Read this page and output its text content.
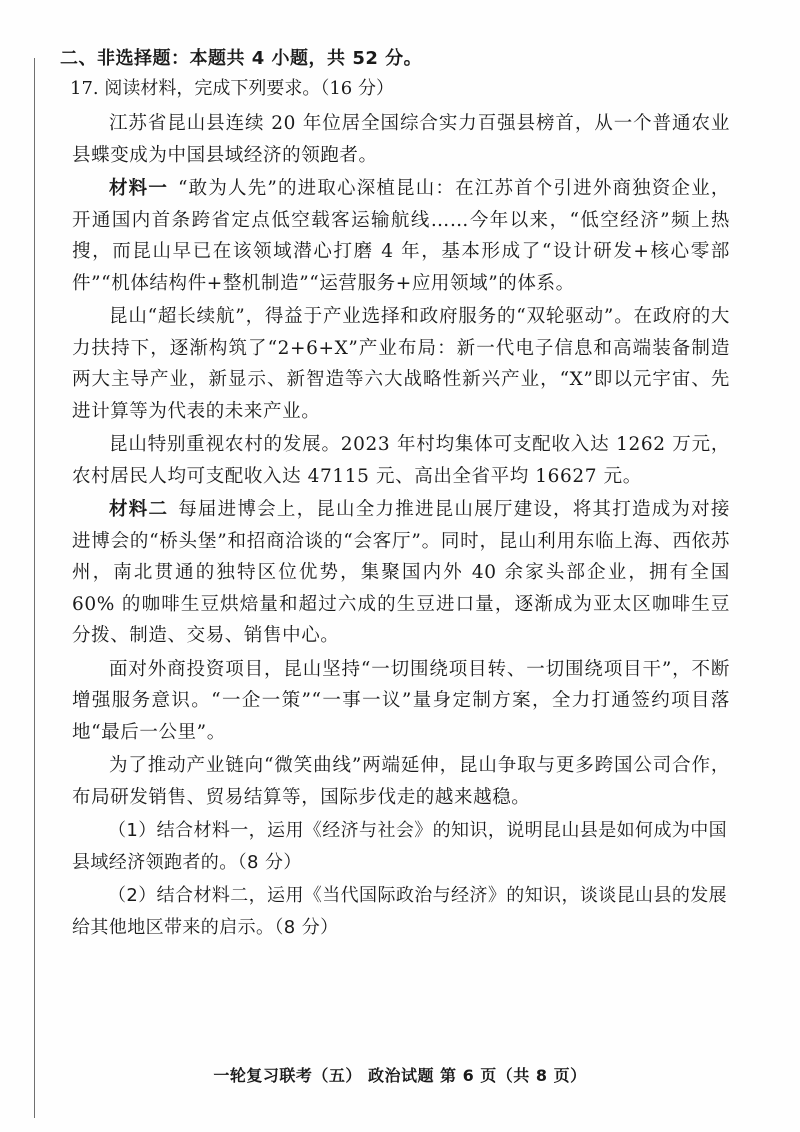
二、非选择题：本题共 4 小题，共 52 分。

17. 阅读材料，完成下列要求。（16 分）

江苏省昆山县连续 20 年位居全国综合实力百强县榜首，从一个普通农业县蝶变成为中国县域经济的领跑者。

材料一 “敢为人先”的进取心深植昆山：在江苏首个引进外商独资企业，开通国内首条跨省定点低空载客运输航线……今年以来，“低空经济”频上热搜，而昆山早已在该领域潜心打磨 4 年，基本形成了“设计研发+核心零部件”“机体结构件+整机制造”“运营服务+应用领域”的体系。

昆山“超长续航”，得益于产业选择和政府服务的“双轮驱动”。在政府的大力扶持下，逐渐构筑了“2+6+X”产业布局：新一代电子信息和高端装备制造两大主导产业，新显示、新智造等六大战略性新兴产业，“X”即以元宇宙、先进计算等为代表的未来产业。

昆山特别重视农村的发展。2023 年村均集体可支配收入达 1262 万元，农村居民人均可支配收入达 47115 元、高出全省平均 16627 元。

材料二 每届进博会上，昆山全力推进昆山展厅建设，将其打造成为对接进博会的“桥头堡”和招商洽谈的“会客厅”。同时，昆山利用东临上海、西依苏州，南北贯通的独特区位优势，集聚国内外 40 余家头部企业，拥有全国 60% 的咖啡生豆烘焙量和超过六成的生豆进口量，逐渐成为亚太区咖啡生豆分拨、制造、交易、销售中心。

面对外商投资项目，昆山坚持“一切围绕项目转、一切围绕项目干”，不断增强服务意识。“一企一策”“一事一议”量身定制方案，全力打通签约项目落地“最后一公里”。

为了推动产业链向“微笑曲线”两端延伸，昆山争取与更多跨国公司合作，布局研发销售、贸易结算等，国际步伐走的越来越稳。

（1）结合材料一，运用《经济与社会》的知识，说明昆山县是如何成为中国县域经济领跑者的。（8 分）

（2）结合材料二，运用《当代国际政治与经济》的知识，谈谈昆山县的发展给其他地区带来的启示。（8 分）

一轮复习联考（五） 政治试题 第 6 页（共 8 页）
